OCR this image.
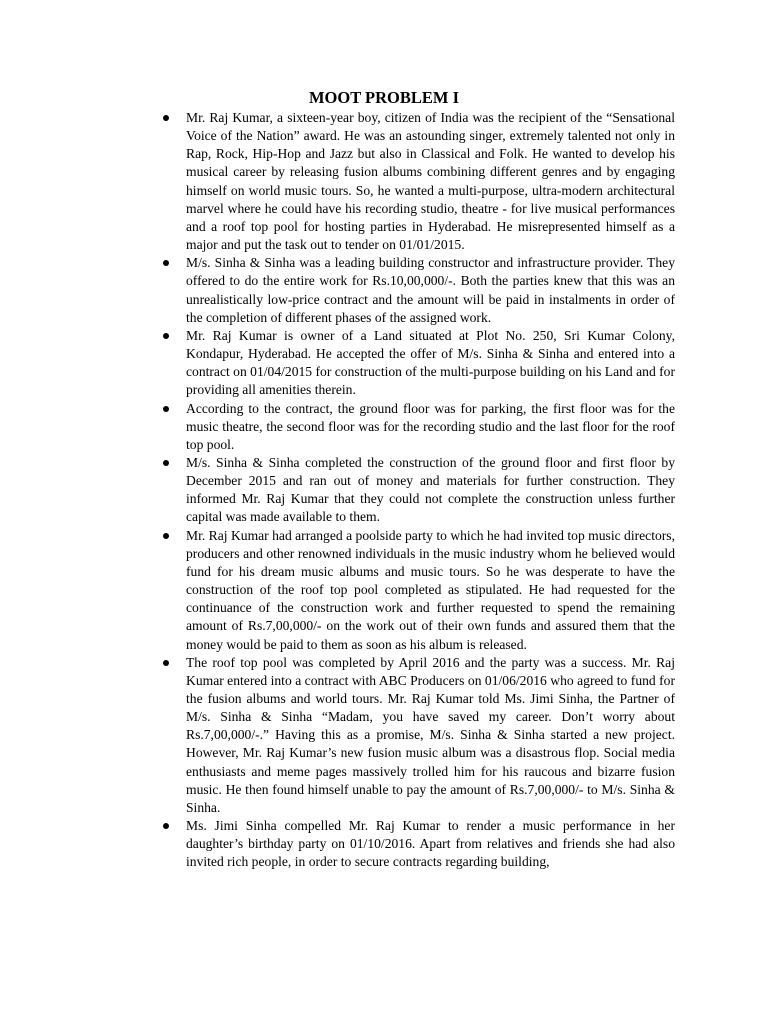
MOOT PROBLEM I
Mr. Raj Kumar, a sixteen-year boy, citizen of India was the recipient of the “Sensational Voice of the Nation” award. He was an astounding singer, extremely talented not only in Rap, Rock, Hip-Hop and Jazz but also in Classical and Folk. He wanted to develop his musical career by releasing fusion albums combining different genres and by engaging himself on world music tours. So, he wanted a multi-purpose, ultra-modern architectural marvel where he could have his recording studio, theatre - for live musical performances and a roof top pool for hosting parties in Hyderabad. He misrepresented himself as a major and put the task out to tender on 01/01/2015.
M/s. Sinha & Sinha was a leading building constructor and infrastructure provider. They offered to do the entire work for Rs.10,00,000/-. Both the parties knew that this was an unrealistically low-price contract and the amount will be paid in instalments in order of the completion of different phases of the assigned work.
Mr. Raj Kumar is owner of a Land situated at Plot No. 250, Sri Kumar Colony, Kondapur, Hyderabad. He accepted the offer of M/s. Sinha & Sinha and entered into a contract on 01/04/2015 for construction of the multi-purpose building on his Land and for providing all amenities therein.
According to the contract, the ground floor was for parking, the first floor was for the music theatre, the second floor was for the recording studio and the last floor for the roof top pool.
M/s. Sinha & Sinha completed the construction of the ground floor and first floor by December 2015 and ran out of money and materials for further construction. They informed Mr. Raj Kumar that they could not complete the construction unless further capital was made available to them.
Mr. Raj Kumar had arranged a poolside party to which he had invited top music directors, producers and other renowned individuals in the music industry whom he believed would fund for his dream music albums and music tours. So he was desperate to have the construction of the roof top pool completed as stipulated. He had requested for the continuance of the construction work and further requested to spend the remaining amount of Rs.7,00,000/- on the work out of their own funds and assured them that the money would be paid to them as soon as his album is released.
The roof top pool was completed by April 2016 and the party was a success. Mr. Raj Kumar entered into a contract with ABC Producers on 01/06/2016 who agreed to fund for the fusion albums and world tours. Mr. Raj Kumar told Ms. Jimi Sinha, the Partner of M/s. Sinha & Sinha “Madam, you have saved my career. Don’t worry about Rs.7,00,000/-.” Having this as a promise, M/s. Sinha & Sinha started a new project. However, Mr. Raj Kumar’s new fusion music album was a disastrous flop. Social media enthusiasts and meme pages massively trolled him for his raucous and bizarre fusion music. He then found himself unable to pay the amount of Rs.7,00,000/- to M/s. Sinha & Sinha.
Ms. Jimi Sinha compelled Mr. Raj Kumar to render a music performance in her daughter’s birthday party on 01/10/2016. Apart from relatives and friends she had also invited rich people, in order to secure contracts regarding building,
